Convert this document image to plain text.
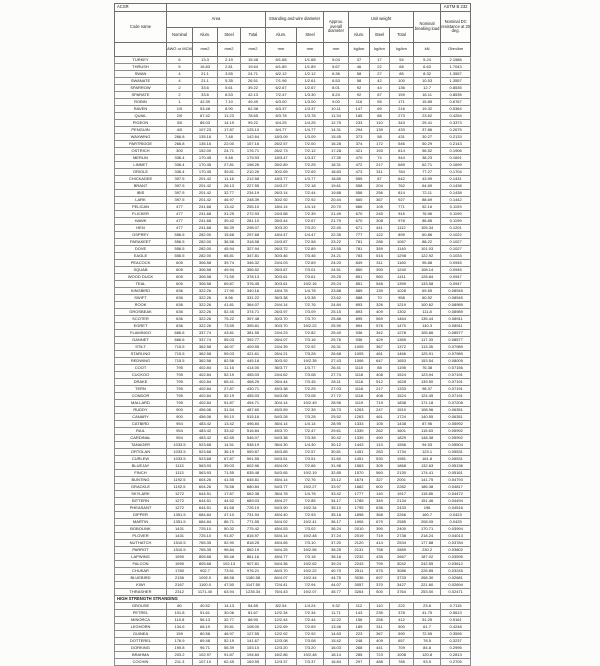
ACSR												ASTM B 232
Code name	Area				Stranding and wire diameter		Approx. overall diameter	Unit weight			Nominal breaking load	Nominal DC resistance at 20 deg.
	Nominal	Alum.	Steel	Total	Alum.	Steel		Alum.	Steel	Total		
	AWG or MCM	mm2	mm2	mm2	mm	mm	mm	kg/km	kg/km	kg/km	kN	Ohm/km
TURKEY	6	13.3	2.19	15.48	6/1.68	1/1.68	5.04	37	17	54	5.24	2.1586
THRUSH	5	16.83	2.81	19.64	6/1.89	1/1.89	5.67	46	22	68	6.63	1.7043
SWAN	4	21.1	3.55	24.71	6/2.12	1/2.12	6.36	58	27	85	8.32	1.3557
SWANATE	4	21.1	5.35	26.51	7/1.96	1/2.61	6.53	58	42	100	10.53	1.3557
SPARROW	2	33.6	5.61	39.22	6/2.67	1/2.67	8.01	92	44	136	12.7	0.8535
SPARATE	2	33.6	8.53	42.13	7/2.47	1/3.30	8.24	92	67	159	16.11	0.8535
ROBIN	1	42.39	7.10	49.49	6/3.00	1/3.00	9.00	116	55	171	15.85	0.6767
RAVEN	1/0	53.48	8.90	62.38	6/3.37	1/3.37	10.11	147	69	216	19.32	0.5364
QUAIL	2/0	67.42	11.23	78.65	6/3.78	1/3.78	11.34	185	88	273	23.62	0.4254
PIGEON	3/0	85.03	14.19	99.22	6/4.25	1/4.25	12.75	233	110	343	29.41	0.3373
PENGUIN	4/0	107.23	17.87	125.10	6/4.77	1/4.77	14.31	294	139	433	37.86	0.2675
WAXWING	266.8	135.16	7.48	142.64	18/3.09	1/3.09	15.45	373	58	431	30.27	0.2133
PARTRIDGE	266.8	135.16	22.00	157.16	26/2.57	7/2.00	16.28	374	172	546	50.29	0.2143
OSTRICH	300	152.00	24.71	176.71	26/2.73	7/2.12	17.28	421	193	614	56.52	0.1906
MERLIN	336.4	170.45	9.48	179.93	18/3.47	1/3.47	17.35	470	74	544	38.23	0.1691
LINNET	336.4	170.45	27.81	198.26	26/2.89	7/2.25	18.31	472	217	689	62.71	0.1699
ORIOLE	336.4	170.45	39.81	210.26	30/2.69	7/2.69	18.83	473	311	784	77.27	0.1704
CHICKADEE	397.5	201.42	11.16	212.58	18/3.77	1/3.77	18.85	555	87	642	43.99	0.1431
BRANT	397.5	201.42	26.13	227.55	24/3.27	7/2.18	19.61	558	204	762	64.69	0.1438
IBIS	397.5	201.42	32.77	234.19	26/3.14	7/2.44	19.88	558	256	814	72.11	0.1438
LARK	397.5	201.42	46.97	248.39	30/2.92	7/2.92	20.44	560	367	927	88.69	0.1442
PELICAN	477	241.68	13.42	255.10	18/4.14	1/4.14	20.70	666	105	771	52.16	0.1193
FLICKER	477	241.68	31.25	272.93	24/3.58	7/2.39	21.49	670	245	915	76.96	0.1199
HAWK	477	241.68	39.42	281.10	26/3.44	7/2.67	21.79	670	308	978	86.85	0.1199
HEN	477	241.68	56.39	298.07	30/3.20	7/3.20	22.40	671	441	1112	105.34	0.1201
OSPREY	556.5	282.00	15.68	297.68	18/4.47	1/4.47	22.35	777	122	899	60.86	0.1022
PARAKEET	556.5	282.00	36.58	318.58	24/3.87	7/2.58	23.22	781	286	1067	88.22	0.1027
DOVE	556.5	282.00	45.94	327.94	26/3.72	7/2.89	23.55	781	359	1140	101.03	0.1027
EAGLE	556.5	282.00	65.81	347.81	30/3.46	7/3.46	24.21	783	515	1298	122.92	0.1033
PEACOCK	605	306.58	39.74	346.32	24/4.03	7/2.69	24.20	849	311	1160	95.88	0.0945
SQUAB	605	306.58	49.94	356.52	26/3.87	7/3.01	24.51	850	390	1240	108.14	0.0945
WOOD DUCK	605	306.58	71.55	378.13	30/3.61	7/3.61	25.25	851	560	1411	128.84	0.0947
TEAL	605	306.58	69.87	376.45	30/3.61	19/2.16	25.24	851	548	1399	133.58	0.0947
KINGBIRD	636	322.26	17.90	340.16	18/4.78	1/4.78	23.88	889	139	1028	69.55	0.08945
SWIFT	636	322.26	8.96	331.22	36/3.38	1/3.38	23.62	888	70	958	60.52	0.08945
ROOK	636	322.26	41.81	364.07	24/4.14	7/2.76	24.84	893	326	1219	100.62	0.08989
GROSBEAK	636	322.26	52.45	374.71	26/3.97	7/3.09	25.15	893	409	1302	111.8	0.08989
SCOTER	636	322.26	75.22	397.48	30/3.70	7/3.70	25.88	895	569	1464	135.44	0.08911
EGRET	636	322.26	73.55	395.81	30/3.70	19/2.22	25.90	894	576	1470	140.3	0.08911
FLAMINGO	666.6	337.74	43.81	381.55	24/4.23	7/2.82	25.40	936	342	1278	105.66	0.08577
GANNET	666.6	337.74	55.03	392.77	26/4.07	7/3.16	25.76	936	429	1365	117.33	0.08577
STILT	715.5	362.58	46.97	409.55	24/4.39	7/2.92	26.31	1005	367	1372	113.35	0.07989
STARLING	715.5	362.58	59.03	421.61	26/4.21	7/3.28	26.68	1005	461	1466	125.91	0.07989
REDWING	715.5	362.58	82.58	445.16	30/3.92	19/2.35	27.43	1006	647	1653	153.54	0.08005
COOT	795	402.84	11.16	414.00	36/3.77	1/3.77	26.41	1110	88	1198	76.38	0.07156
CUCKOO	795	402.84	52.19	455.03	24/4.62	7/3.08	27.74	1116	408	1524	123.94	0.07191
DRAKE	795	402.84	65.41	468.25	26/4.44	7/3.45	28.11	1116	512	1628	139.50	0.07191
TERN	795	402.84	27.87	430.71	45/3.38	7/2.25	27.03	1116	217	1333	98.37	0.07191
CONDOR	795	402.84	52.19	455.03	54/3.08	7/3.08	27.72	1116	408	1524	124.45	0.07191
MALLARD	795	402.84	91.87	494.71	30/4.14	19/2.49	28.96	1119	719	1838	171.18	0.07208
RUDDY	900	456.06	31.54	487.60	45/3.59	7/2.39	28.73	1263	247	1510	108.96	0.06351
CANARY	900	456.06	59.10	515.16	54/3.28	7/3.28	29.52	1263	461	1724	140.55	0.06351
CATBIRD	954	483.42	13.42	496.84	36/4.14	1/4.14	28.95	1333	105	1438	87.96	0.05992
RAIL	954	483.42	33.42	516.84	45/3.70	7/2.47	29.61	1339	262	1601	115.63	0.05992
CARDINAL	954	483.42	62.65	546.07	54/3.38	7/3.38	30.42	1339	490	1829	148.38	0.05992
TANAGER	1033.5	523.68	14.51	538.19	36/4.30	1/4.30	30.12	1443	113	1556	94.93	0.05504
ORTOLAN	1033.5	523.68	36.19	559.87	45/3.85	7/2.57	30.81	1451	283	1734	123.1	0.05531
CURLEW	1033.5	523.68	67.87	591.55	54/3.51	7/3.51	31.60	1451	530	1981	161.8	0.05531
BLUEJAY	1113	563.93	39.03	602.96	45/4.00	7/2.66	31.98	1563	305	1868	132.63	0.05136
FINCH	1113	563.93	71.55	635.48	54/3.65	19/2.19	32.85	1570	560	2130	174.41	0.05161
BUNTING	1192.5	604.26	41.55	645.81	45/4.14	7/2.76	33.12	1674	327	2001	141.75	0.04793
GRACKLE	1192.5	604.26	76.58	680.84	54/3.77	19/2.27	33.97	1682	600	2282	186.38	0.04817
SKYLARK	1272	644.51	17.87	662.38	36/4.78	1/4.78	33.42	1777	140	1917	115.85	0.04472
BITTERN	1272	644.51	44.52	689.03	45/4.27	7/2.85	34.17	1785	349	2134	151.46	0.04494
PHEASANT	1272	644.51	81.68	726.19	54/3.90	19/2.34	35.10	1795	638	2433	196	0.04516
DIPPER	1351.5	684.84	47.10	731.94	45/4.40	7/2.93	35.16	1898	368	2266	160.7	0.0423
MARTIN	1351.5	684.84	86.71	771.55	54/4.02	19/2.41	36.17	1906	679	2585	208.05	0.0425
BOBOLINK	1431	725.10	50.32	775.42	45/4.53	7/3.02	36.24	2010	390	2400	170.71	0.03994
PLOVER	1431	725.10	91.87	816.97	54/4.14	19/2.48	37.24	2019	719	2738	218.24	0.04013
NUTHATCH	1510.5	765.35	52.90	818.25	45/4.65	7/3.10	37.20	2120	414	2534	177.88	0.03784
PARROT	1510.5	765.35	96.84	862.19	54/4.25	19/2.55	38.25	2131	758	2889	230.2	0.03802
LAPWING	1590	805.68	55.48	861.16	45/4.77	7/3.18	38.16	2232	435	2667	187.02	0.03595
FALCON	1590	805.68	102.13	907.81	54/4.36	19/2.62	39.24	2243	799	3042	242.55	0.03612
CHUKAR	1780	902.7	73.51	976.21	84/3.70	19/2.22	40.70	2511	575	3086	226.85	0.03245
BLUEBIRD	2156	1092.0	88.58	1180.58	84/4.07	19/2.44	44.75	3036	697	3733	268.30	0.02681
KIWI	2167	1100.0	47.50	1147.50	72/4.41	7/2.94	44.07	3057	370	3427	221.60	0.02694
THRASHER	2312	1171.40	63.94	1235.34	76/4.43	19/2.07	45.77	3264	500	3764	253.00	0.02471
HIGH STRENGTH STRANDING												
GROUSE	80	40.52	14.13	54.65	8/2.54	1/4.24	9.32	112	110	222	23.6	0.7115
PETREL	101.8	51.61	30.06	81.67	12/2.34	7/2.34	11.71	143	235	378	41.75	0.5613
MINORCA	110.8	56.13	32.77	88.90	12/2.44	7/2.44	12.22	156	256	412	51.25	0.5161
LEGHORN	134.6	68.19	39.81	108.00	12/2.69	7/2.69	13.46	189	311	500	61.7	0.4248
GUINEA	159	80.58	46.97	127.55	12/2.92	7/2.92	14.63	223	367	590	72.55	0.3595
DOTTEREL	176.9	89.48	52.19	141.67	12/3.08	7/3.08	15.42	248	409	657	78.5	0.3237
DORKING	190.8	96.71	56.39	153.10	12/3.20	7/3.20	16.03	268	441	709	84.8	0.2995
BRAHMA	203.2	102.97	91.87	194.84	16/2.86	19/2.48	18.14	285	723	1008	120.8	0.2813
COCHIN	211.3	107.10	62.45	169.55	12/3.37	7/3.37	16.84	297	488	785	93.9	0.2705
